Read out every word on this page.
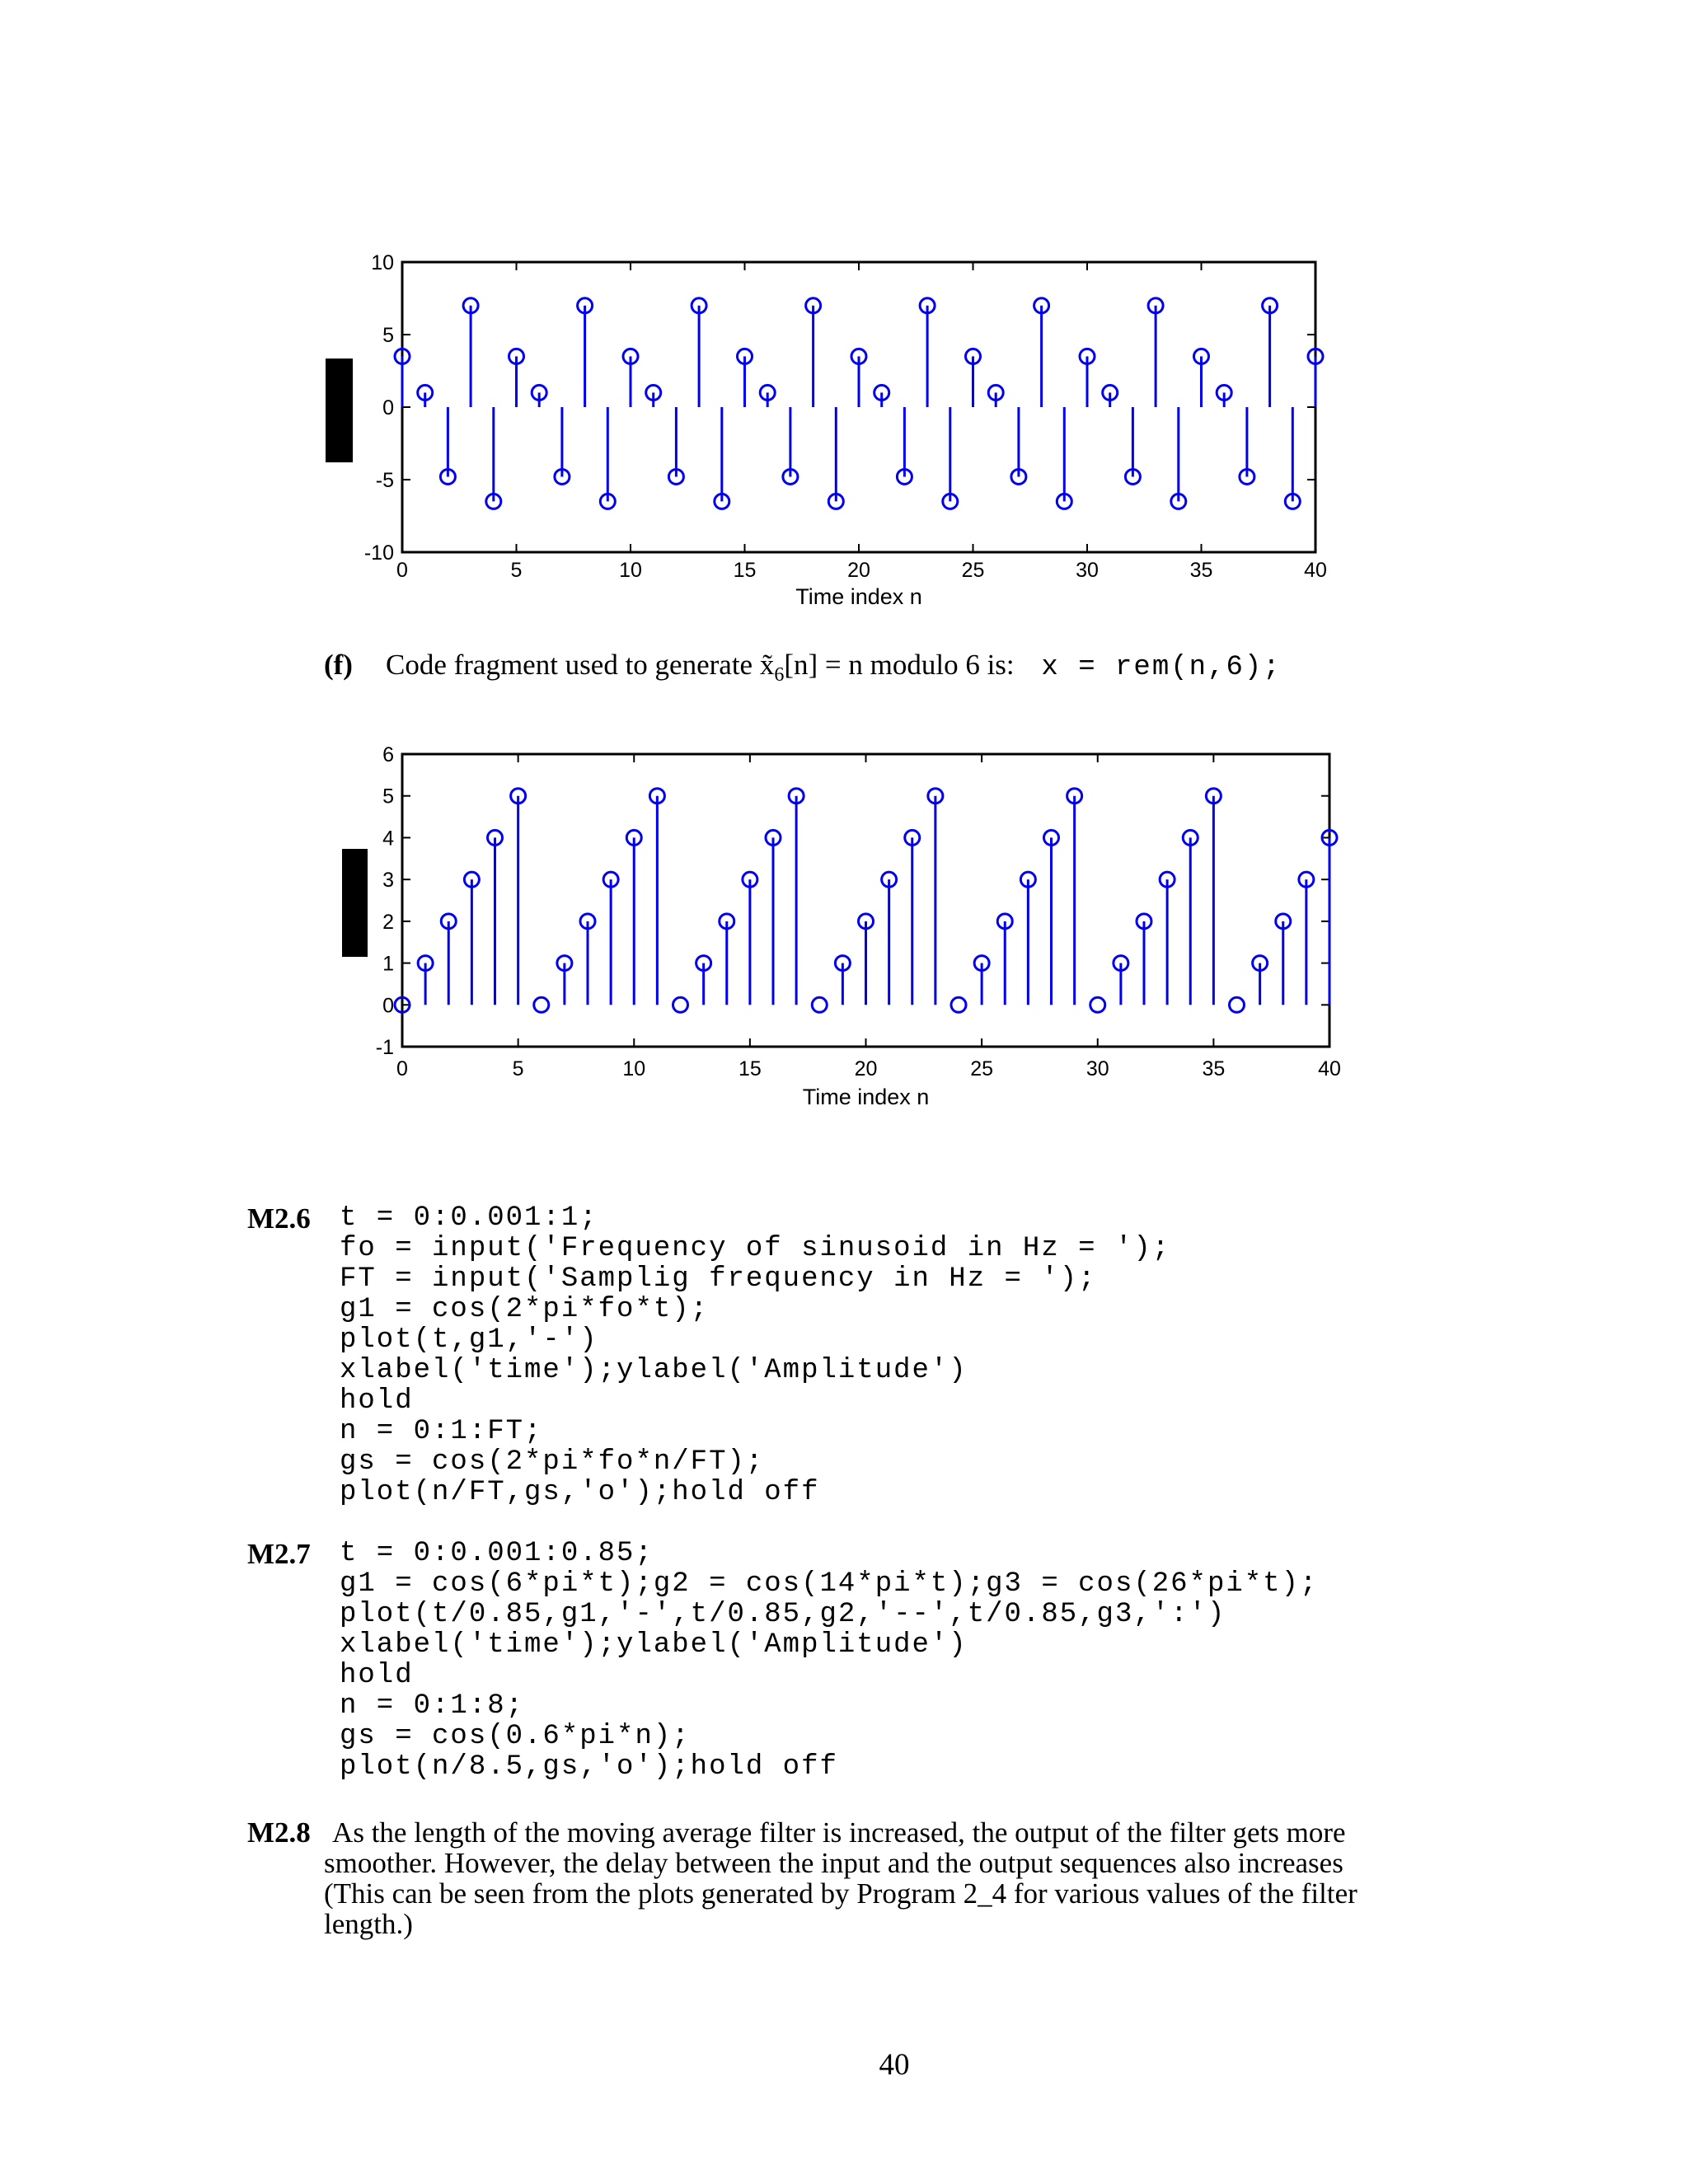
0	5	10	15	20	25	30	35	40
10
5
0
-5
-10
Time index n
0	5	10	15	20	25	30	35	40
6
5
4
3
2
1
0
-1
Time index n
(f) Code fragment used to generate $x̃_6[n] = n$ modulo 6 is: x = rem(n,6);
M2.6 t = 0:0.001:1;
fo = input('Frequency of sinusoid in Hz = ');
FT = input('Samplig frequency in Hz = ');
g1 = cos(2*pi*fo*t);
plot(t,g1,'-')
xlabel('time');ylabel('Amplitude')
hold
n = 0:1:FT;
gs = cos(2*pi*fo*n/FT);
plot(n/FT,gs,'o');hold off
M2.7 t = 0:0.001:0.85;
g1 = cos(6*pi*t);g2 = cos(14*pi*t);g3 = cos(26*pi*t);
plot(t/0.85,g1,'-',t/0.85,g2,'--',t/0.85,g3,':')
xlabel('time');ylabel('Amplitude')
hold
n = 0:1:8;
gs = cos(0.6*pi*n);
plot(n/8.5,gs,'o');hold off
M2.8 As the length of the moving average filter is increased, the output of the filter gets more
smoother. However, the delay between the input and the output sequences also increases
(This can be seen from the plots generated by Program 2_4 for various values of the filter
length.)
40
